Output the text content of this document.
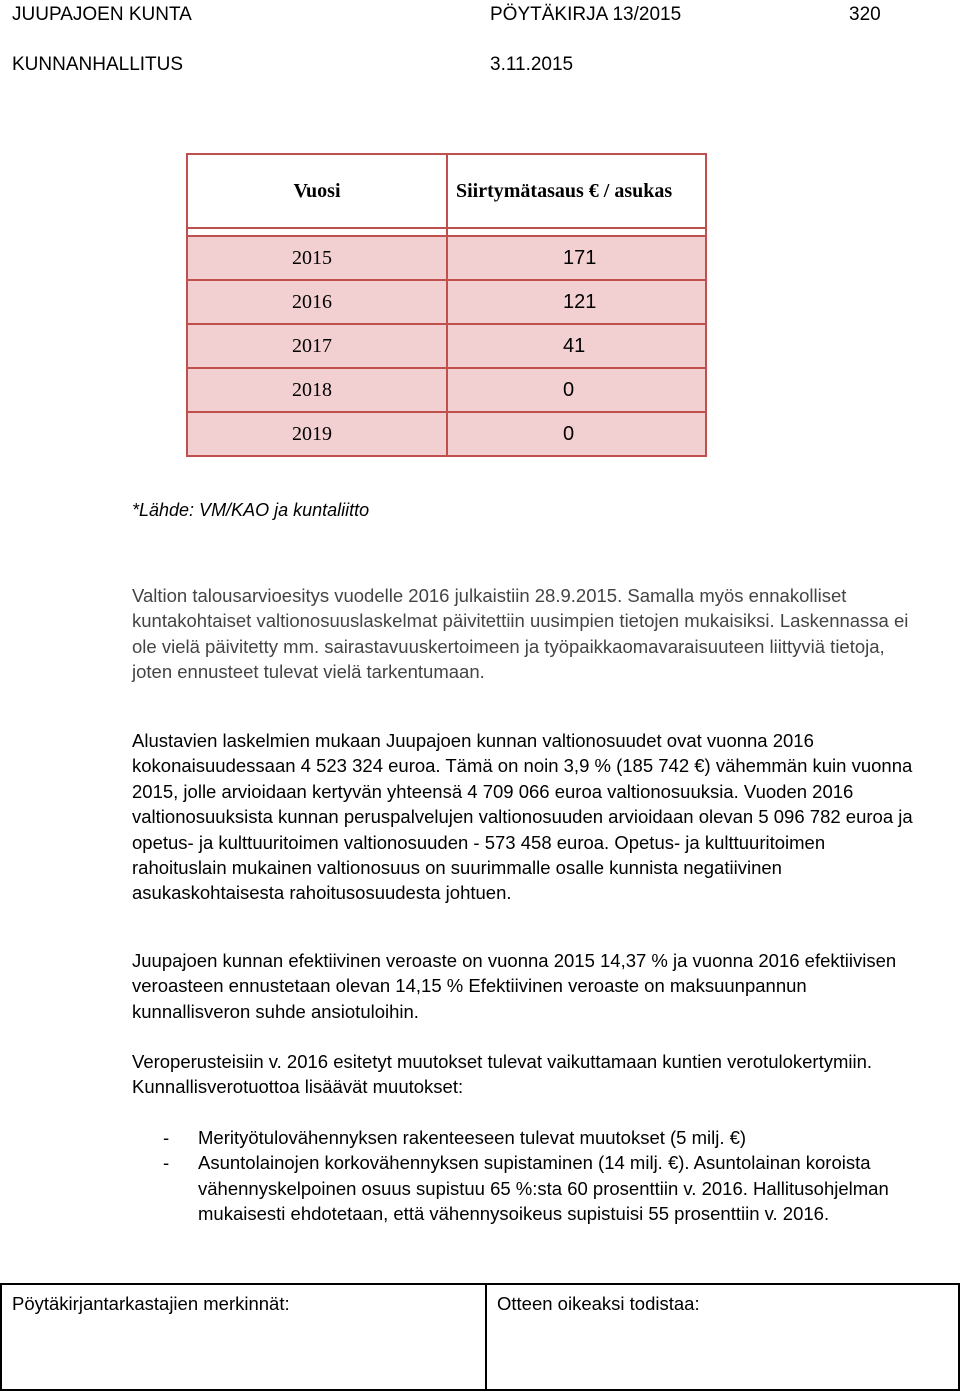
JUUPAJOEN KUNTA	PÖYTÄKIRJA 13/2015	320
KUNNANHALLITUS	3.11.2015
Vuosi	Siirtymätasaus € / asukas

2015	171
2016	121
2017	41
2018	0
2019	0
*Lähde: VM/KAO ja kuntaliitto

Valtion talousarvioesitys vuodelle 2016 julkaistiin 28.9.2015. Samalla myös ennakolliset kuntakohtaiset valtionosuuslaskelmat päivitettiin uusimpien tietojen mukaisiksi. Laskennassa ei ole vielä päivitetty mm. sairastavuuskertoimeen ja työpaikkaomavaraisuuteen liittyviä tietoja, joten ennusteet tulevat vielä tarkentumaan.

Alustavien laskelmien mukaan Juupajoen kunnan valtionosuudet ovat vuonna 2016 kokonaisuudessaan 4 523 324 euroa. Tämä on noin 3,9 % (185 742 €) vähemmän kuin vuonna 2015, jolle arvioidaan kertyvän yhteensä 4 709 066 euroa valtionosuuksia. Vuoden 2016 valtionosuuksista kunnan peruspalvelujen valtionosuuden arvioidaan olevan 5 096 782 euroa ja opetus- ja kulttuuritoimen valtionosuuden - 573 458 euroa. Opetus- ja kulttuuritoimen rahoituslain mukainen valtionosuus on suurimmalle osalle kunnista negatiivinen asukaskohtaisesta rahoitusosuudesta johtuen.

Juupajoen kunnan efektiivinen veroaste on vuonna 2015 14,37 % ja vuonna 2016 efektiivisen veroasteen ennustetaan olevan 14,15 % Efektiivinen veroaste on maksuunpannun kunnallisveron suhde ansiotuloihin.

Veroperusteisiin v. 2016 esitetyt muutokset tulevat vaikuttamaan kuntien verotulokertymiin. Kunnallisverotuottoa lisäävät muutokset:

- Merityötulovähennyksen rakenteeseen tulevat muutokset (5 milj. €)
- Asuntolainojen korkovähennyksen supistaminen (14 milj. €). Asuntolainan koroista vähennyskelpoinen osuus supistuu 65 %:sta 60 prosenttiin v. 2016. Hallitusohjelman mukaisesti ehdotetaan, että vähennysoikeus supistuisi 55 prosenttiin v. 2016.
Pöytäkirjantarkastajien merkinnät:	Otteen oikeaksi todistaa:
